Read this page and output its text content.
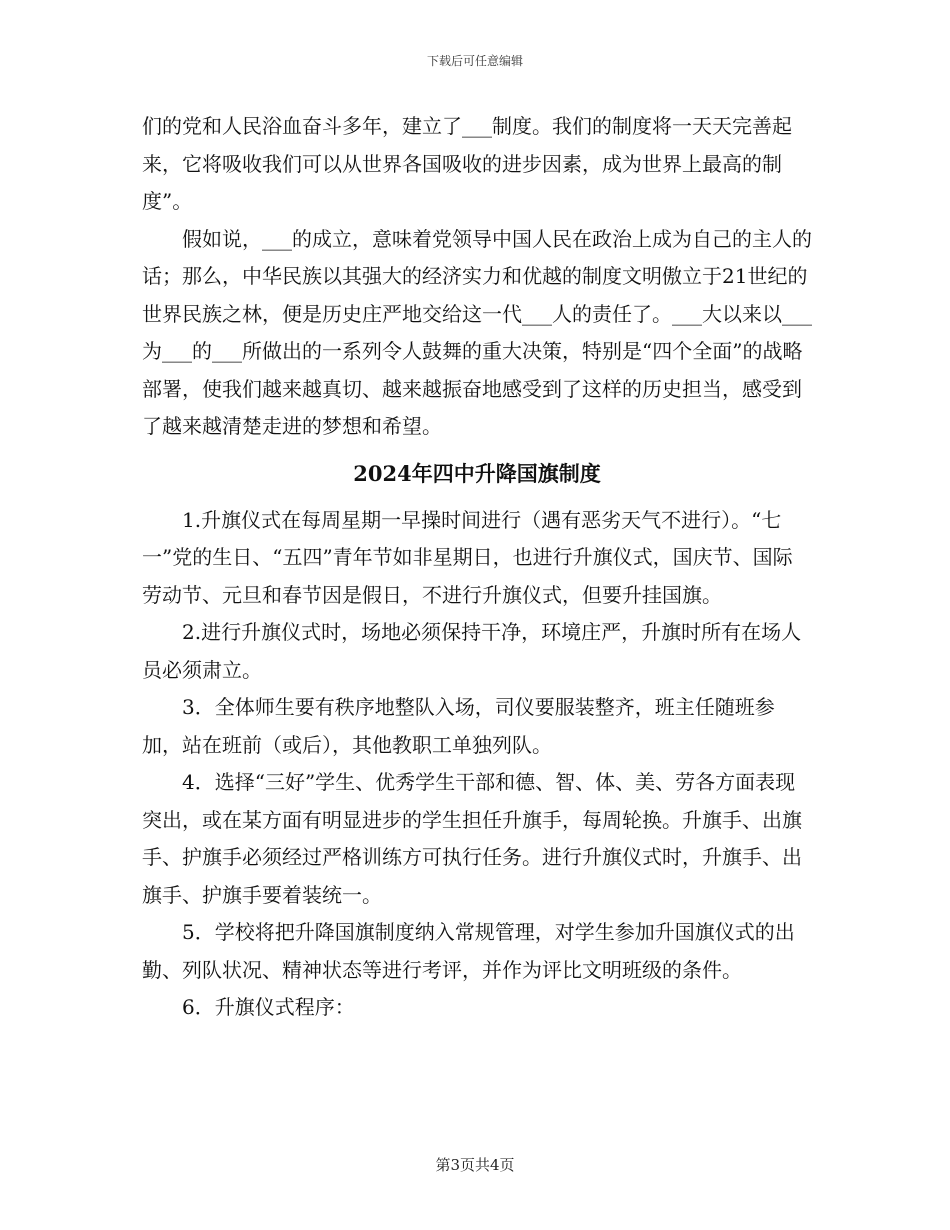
下载后可任意编辑

们的党和人民浴血奋斗多年，建立了___制度。我们的制度将一天天完善起来，它将吸收我们可以从世界各国吸收的进步因素，成为世界上最高的制度”。

假如说，___的成立，意味着党领导中国人民在政治上成为自己的主人的话；那么，中华民族以其强大的经济实力和优越的制度文明傲立于21世纪的世界民族之林，便是历史庄严地交给这一代___人的责任了。___大以来以___为___的___所做出的一系列令人鼓舞的重大决策，特别是“四个全面”的战略部署，使我们越来越真切、越来越振奋地感受到了这样的历史担当，感受到了越来越清楚走进的梦想和希望。

2024年四中升降国旗制度

1.升旗仪式在每周星期一早操时间进行（遇有恶劣天气不进行）。“七一”党的生日、“五四”青年节如非星期日，也进行升旗仪式，国庆节、国际劳动节、元旦和春节因是假日，不进行升旗仪式，但要升挂国旗。

2.进行升旗仪式时，场地必须保持干净，环境庄严，升旗时所有在场人员必须肃立。

3．全体师生要有秩序地整队入场，司仪要服装整齐，班主任随班参加，站在班前（或后），其他教职工单独列队。

4．选择“三好”学生、优秀学生干部和德、智、体、美、劳各方面表现突出，或在某方面有明显进步的学生担任升旗手，每周轮换。升旗手、出旗手、护旗手必须经过严格训练方可执行任务。进行升旗仪式时，升旗手、出旗手、护旗手要着装统一。

5．学校将把升降国旗制度纳入常规管理，对学生参加升国旗仪式的出勤、列队状况、精神状态等进行考评，并作为评比文明班级的条件。

6．升旗仪式程序：

第3页共4页
